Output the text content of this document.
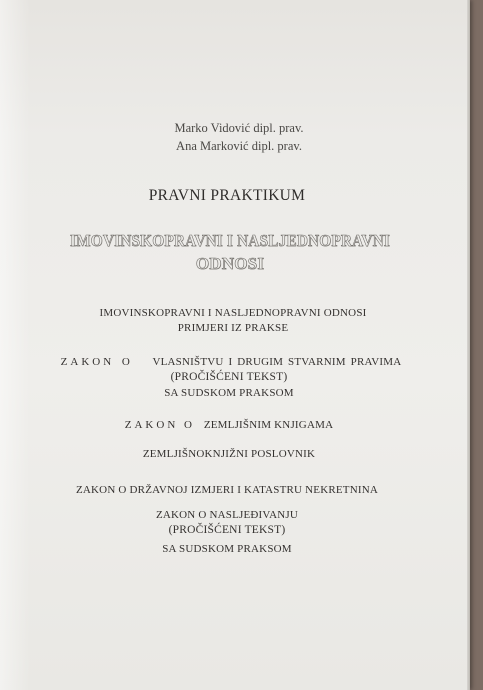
Marko Vidović dipl. prav.
Ana Marković dipl. prav.
PRAVNI PRAKTIKUM
IMOVINSKOPRAVNI I NASLJEDNOPRAVNI
ODNOSI
IMOVINSKOPRAVNI I NASLJEDNOPRAVNI ODNOSI
PRIMJERI IZ PRAKSE
ZAKON O VLASNIŠTVU I DRUGIM STVARNIM PRAVIMA
(PROČIŠĆENI TEKST)
SA SUDSKOM PRAKSOM
ZAKON O ZEMLJIŠNIM KNJIGAMA
ZEMLJIŠNOKNJIŽNI POSLOVNIK
ZAKON O DRŽAVNOJ IZMJERI I KATASTRU NEKRETNINA
ZAKON O NASLJEĐIVANJU
(PROČIŠĆENI TEKST)
SA SUDSKOM PRAKSOM
